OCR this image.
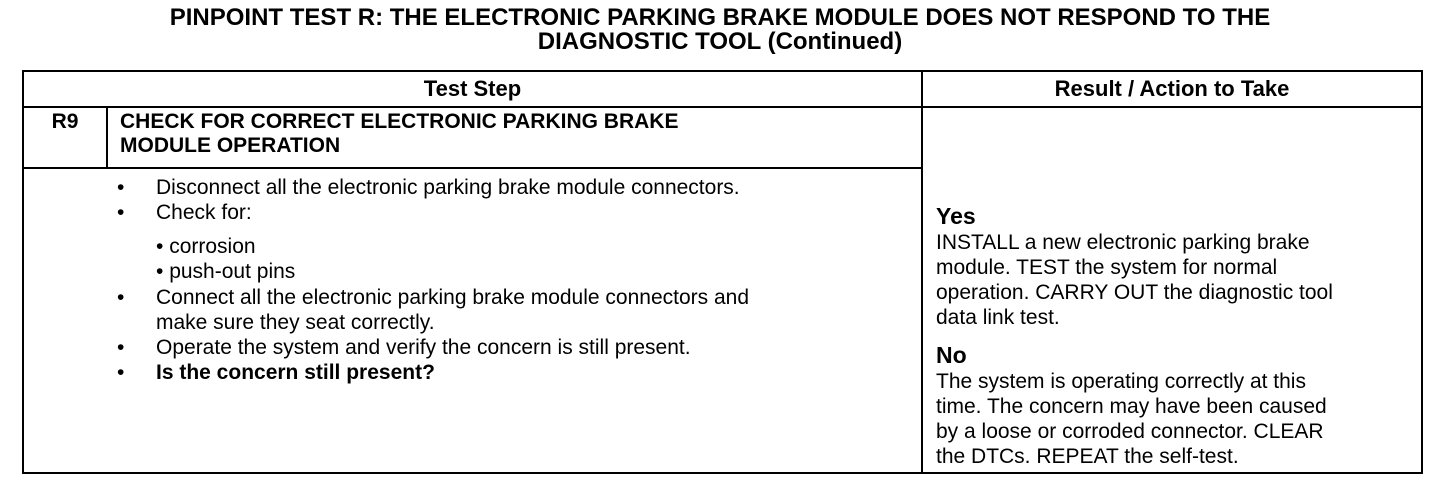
PINPOINT TEST R: THE ELECTRONIC PARKING BRAKE MODULE DOES NOT RESPOND TO THE
DIAGNOSTIC TOOL (Continued)
Test Step	Result / Action to Take
R9	CHECK FOR CORRECT ELECTRONIC PARKING BRAKE
MODULE OPERATION
• Disconnect all the electronic parking brake module connectors.
• Check for:
• corrosion
• push-out pins
• Connect all the electronic parking brake module connectors and
make sure they seat correctly.
• Operate the system and verify the concern is still present.
• Is the concern still present?
Yes
INSTALL a new electronic parking brake
module. TEST the system for normal
operation. CARRY OUT the diagnostic tool
data link test.
No
The system is operating correctly at this
time. The concern may have been caused
by a loose or corroded connector. CLEAR
the DTCs. REPEAT the self-test.
